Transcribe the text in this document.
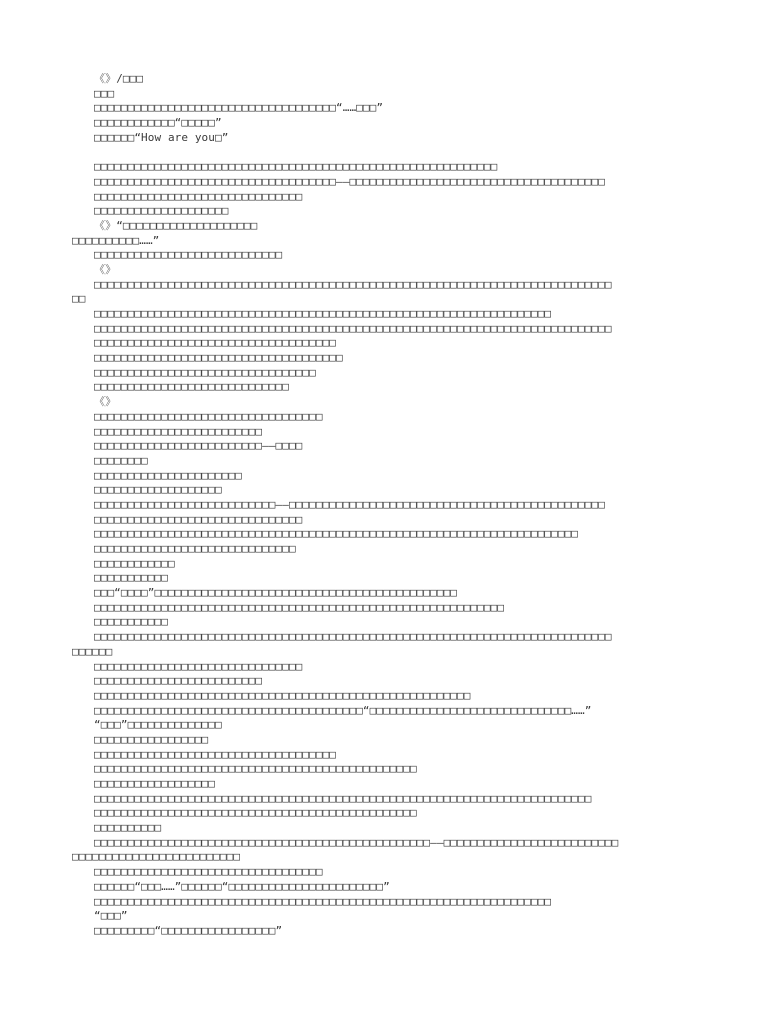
《》/□□□
□□□
□□□□□□□□□□□□□□□□□□□□□□□□□□□□□□□□□□□□“……□□□”
□□□□□□□□□□□□“□□□□□”
□□□□□□“How are you□”
□□□□□□□□□□□□□□□□□□□□□□□□□□□□□□□□□□□□□□□□□□□□□□□□□□□□□□□□□□□□
□□□□□□□□□□□□□□□□□□□□□□□□□□□□□□□□□□□□——□□□□□□□□□□□□□□□□□□□□□□□□□□□□□□□□□□□□□□
□□□□□□□□□□□□□□□□□□□□□□□□□□□□□□□
□□□□□□□□□□□□□□□□□□□□
《》“□□□□□□□□□□□□□□□□□□□□
□□□□□□□□□□……”
□□□□□□□□□□□□□□□□□□□□□□□□□□□□
《》
□□□□□□□□□□□□□□□□□□□□□□□□□□□□□□□□□□□□□□□□□□□□□□□□□□□□□□□□□□□□□□□□□□□□□□□□□□□□□
□□
□□□□□□□□□□□□□□□□□□□□□□□□□□□□□□□□□□□□□□□□□□□□□□□□□□□□□□□□□□□□□□□□□□□□
□□□□□□□□□□□□□□□□□□□□□□□□□□□□□□□□□□□□□□□□□□□□□□□□□□□□□□□□□□□□□□□□□□□□□□□□□□□□□
□□□□□□□□□□□□□□□□□□□□□□□□□□□□□□□□□□□□
□□□□□□□□□□□□□□□□□□□□□□□□□□□□□□□□□□□□□
□□□□□□□□□□□□□□□□□□□□□□□□□□□□□□□□□
□□□□□□□□□□□□□□□□□□□□□□□□□□□□□
《》
□□□□□□□□□□□□□□□□□□□□□□□□□□□□□□□□□□
□□□□□□□□□□□□□□□□□□□□□□□□□
□□□□□□□□□□□□□□□□□□□□□□□□□——□□□□
□□□□□□□□
□□□□□□□□□□□□□□□□□□□□□□
□□□□□□□□□□□□□□□□□□□
□□□□□□□□□□□□□□□□□□□□□□□□□□□——□□□□□□□□□□□□□□□□□□□□□□□□□□□□□□□□□□□□□□□□□□□□□□□
□□□□□□□□□□□□□□□□□□□□□□□□□□□□□□□
□□□□□□□□□□□□□□□□□□□□□□□□□□□□□□□□□□□□□□□□□□□□□□□□□□□□□□□□□□□□□□□□□□□□□□□□
□□□□□□□□□□□□□□□□□□□□□□□□□□□□□□
□□□□□□□□□□□□
□□□□□□□□□□□
□□□“□□□□”□□□□□□□□□□□□□□□□□□□□□□□□□□□□□□□□□□□□□□□□□□□□□
□□□□□□□□□□□□□□□□□□□□□□□□□□□□□□□□□□□□□□□□□□□□□□□□□□□□□□□□□□□□□
□□□□□□□□□□□
□□□□□□□□□□□□□□□□□□□□□□□□□□□□□□□□□□□□□□□□□□□□□□□□□□□□□□□□□□□□□□□□□□□□□□□□□□□□□
□□□□□□
□□□□□□□□□□□□□□□□□□□□□□□□□□□□□□□
□□□□□□□□□□□□□□□□□□□□□□□□□
□□□□□□□□□□□□□□□□□□□□□□□□□□□□□□□□□□□□□□□□□□□□□□□□□□□□□□□□
□□□□□□□□□□□□□□□□□□□□□□□□□□□□□□□□□□□□□□□□“□□□□□□□□□□□□□□□□□□□□□□□□□□□□□□……”
“□□□”□□□□□□□□□□□□□□
□□□□□□□□□□□□□□□□□
□□□□□□□□□□□□□□□□□□□□□□□□□□□□□□□□□□□□
□□□□□□□□□□□□□□□□□□□□□□□□□□□□□□□□□□□□□□□□□□□□□□□□
□□□□□□□□□□□□□□□□□□
□□□□□□□□□□□□□□□□□□□□□□□□□□□□□□□□□□□□□□□□□□□□□□□□□□□□□□□□□□□□□□□□□□□□□□□□□□
□□□□□□□□□□□□□□□□□□□□□□□□□□□□□□□□□□□□□□□□□□□□□□□□
□□□□□□□□□□
□□□□□□□□□□□□□□□□□□□□□□□□□□□□□□□□□□□□□□□□□□□□□□□□□□——□□□□□□□□□□□□□□□□□□□□□□□□□□
□□□□□□□□□□□□□□□□□□□□□□□□□
□□□□□□□□□□□□□□□□□□□□□□□□□□□□□□□□□□
□□□□□□“□□□……”□□□□□□“□□□□□□□□□□□□□□□□□□□□□□□”
□□□□□□□□□□□□□□□□□□□□□□□□□□□□□□□□□□□□□□□□□□□□□□□□□□□□□□□□□□□□□□□□□□□□
“□□□”
□□□□□□□□□“□□□□□□□□□□□□□□□□□”
